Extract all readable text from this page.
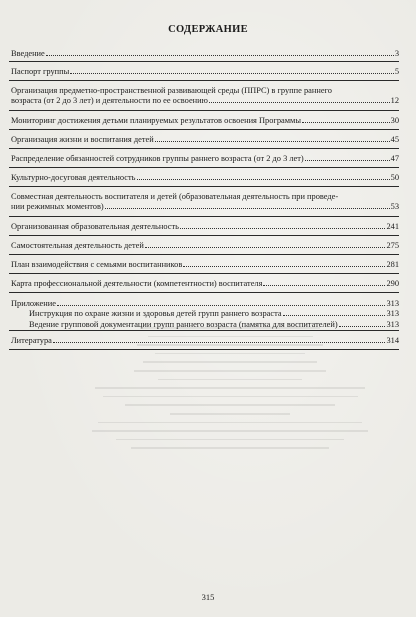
СОДЕРЖАНИЕ
Введение	3
Паспорт группы	5
Организация предметно-пространственной развивающей среды (ППРС) в группе раннего
возраста (от 2 до 3 лет) и деятельности по ее освоению	12
Мониторинг достижения детьми планируемых результатов освоения Программы	30
Организация жизни и воспитания детей	45
Распределение обязанностей сотрудников группы раннего возраста (от 2 до 3 лет)	47
Культурно-досуговая деятельность	50
Совместная деятельность воспитателя и детей (образовательная деятельность при проведе-
нии режимных моментов)	53
Организованная образовательная деятельность	241
Самостоятельная деятельность детей	275
План взаимодействия с семьями воспитанников	281
Карта профессиональной деятельности (компетентности) воспитателя	290
Приложение	313
Инструкция по охране жизни и здоровья детей групп раннего возраста	313
Ведение групповой документации групп раннего возраста (памятка для воспитателей)	313
Литература	314
315
